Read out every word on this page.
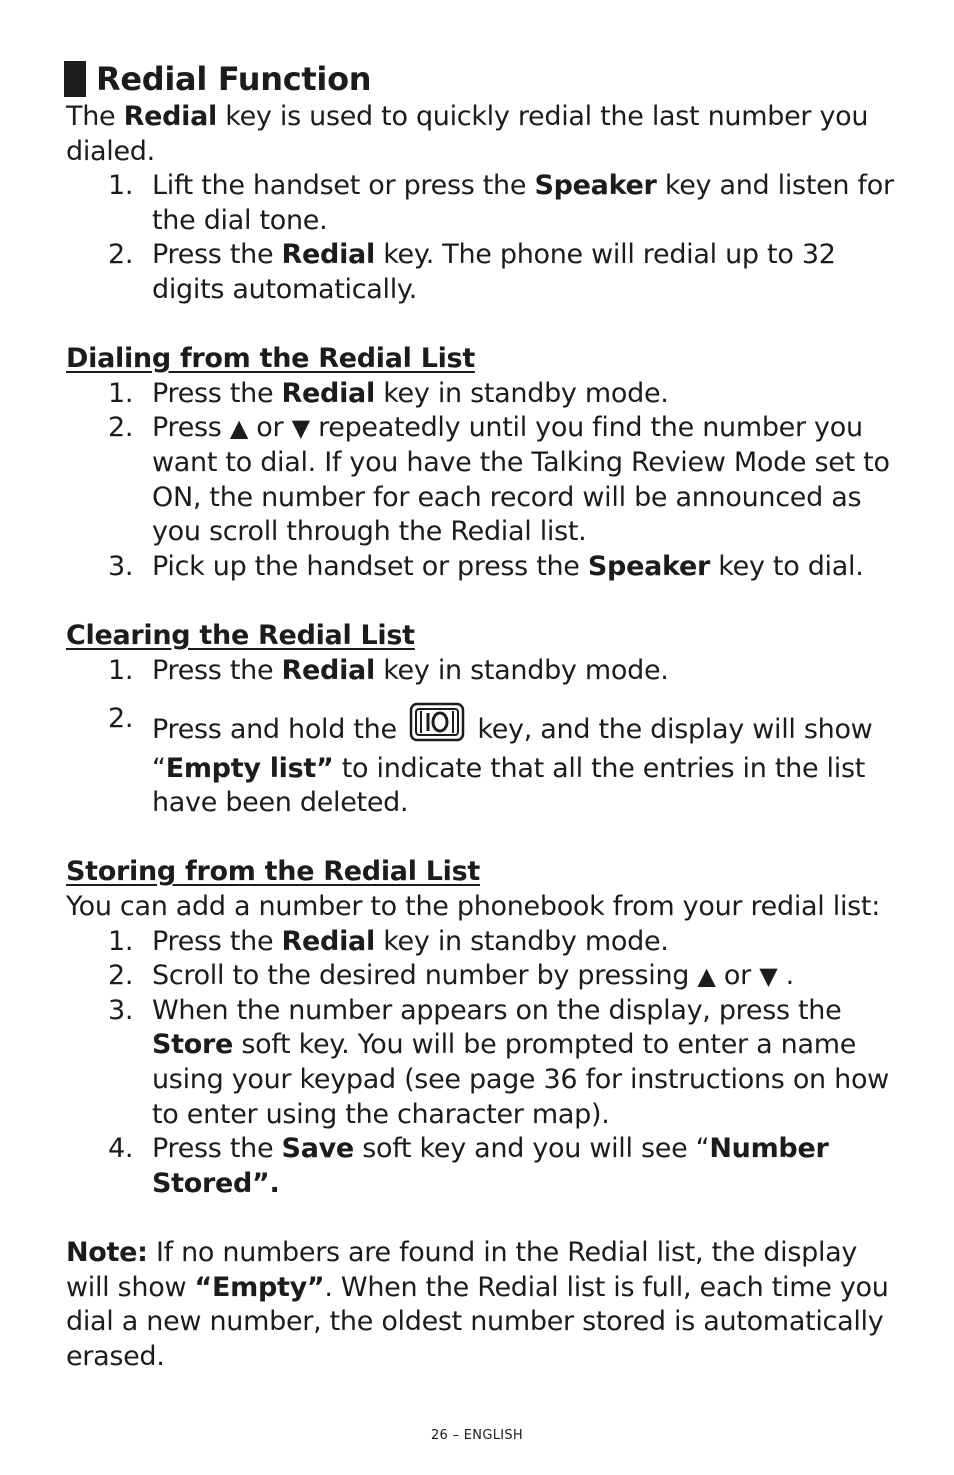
Redial Function

The Redial key is used to quickly redial the last number you dialed.

1. Lift the handset or press the Speaker key and listen for the dial tone.
2. Press the Redial key. The phone will redial up to 32 digits automatically.
Dialing from the Redial List
1. Press the Redial key in standby mode.
2. Press ▲ or ▼ repeatedly until you find the number you want to dial. If you have the Talking Review Mode set to ON, the number for each record will be announced as you scroll through the Redial list.
3. Pick up the handset or press the Speaker key to dial.
Clearing the Redial List
1. Press the Redial key in standby mode.
2. Press and hold the  key, and the display will show “Empty list” to indicate that all the entries in the list have been deleted.
Storing from the Redial List

You can add a number to the phonebook from your redial list:

1. Press the Redial key in standby mode.
2. Scroll to the desired number by pressing ▲ or ▼ .
3. When the number appears on the display, press the Store soft key. You will be prompted to enter a name using your keypad (see page 36 for instructions on how to enter using the character map).
4. Press the Save soft key and you will see “Number Stored”.

Note: If no numbers are found in the Redial list, the display will show “Empty”. When the Redial list is full, each time you dial a new number, the oldest number stored is automatically erased.

26 – ENGLISH
